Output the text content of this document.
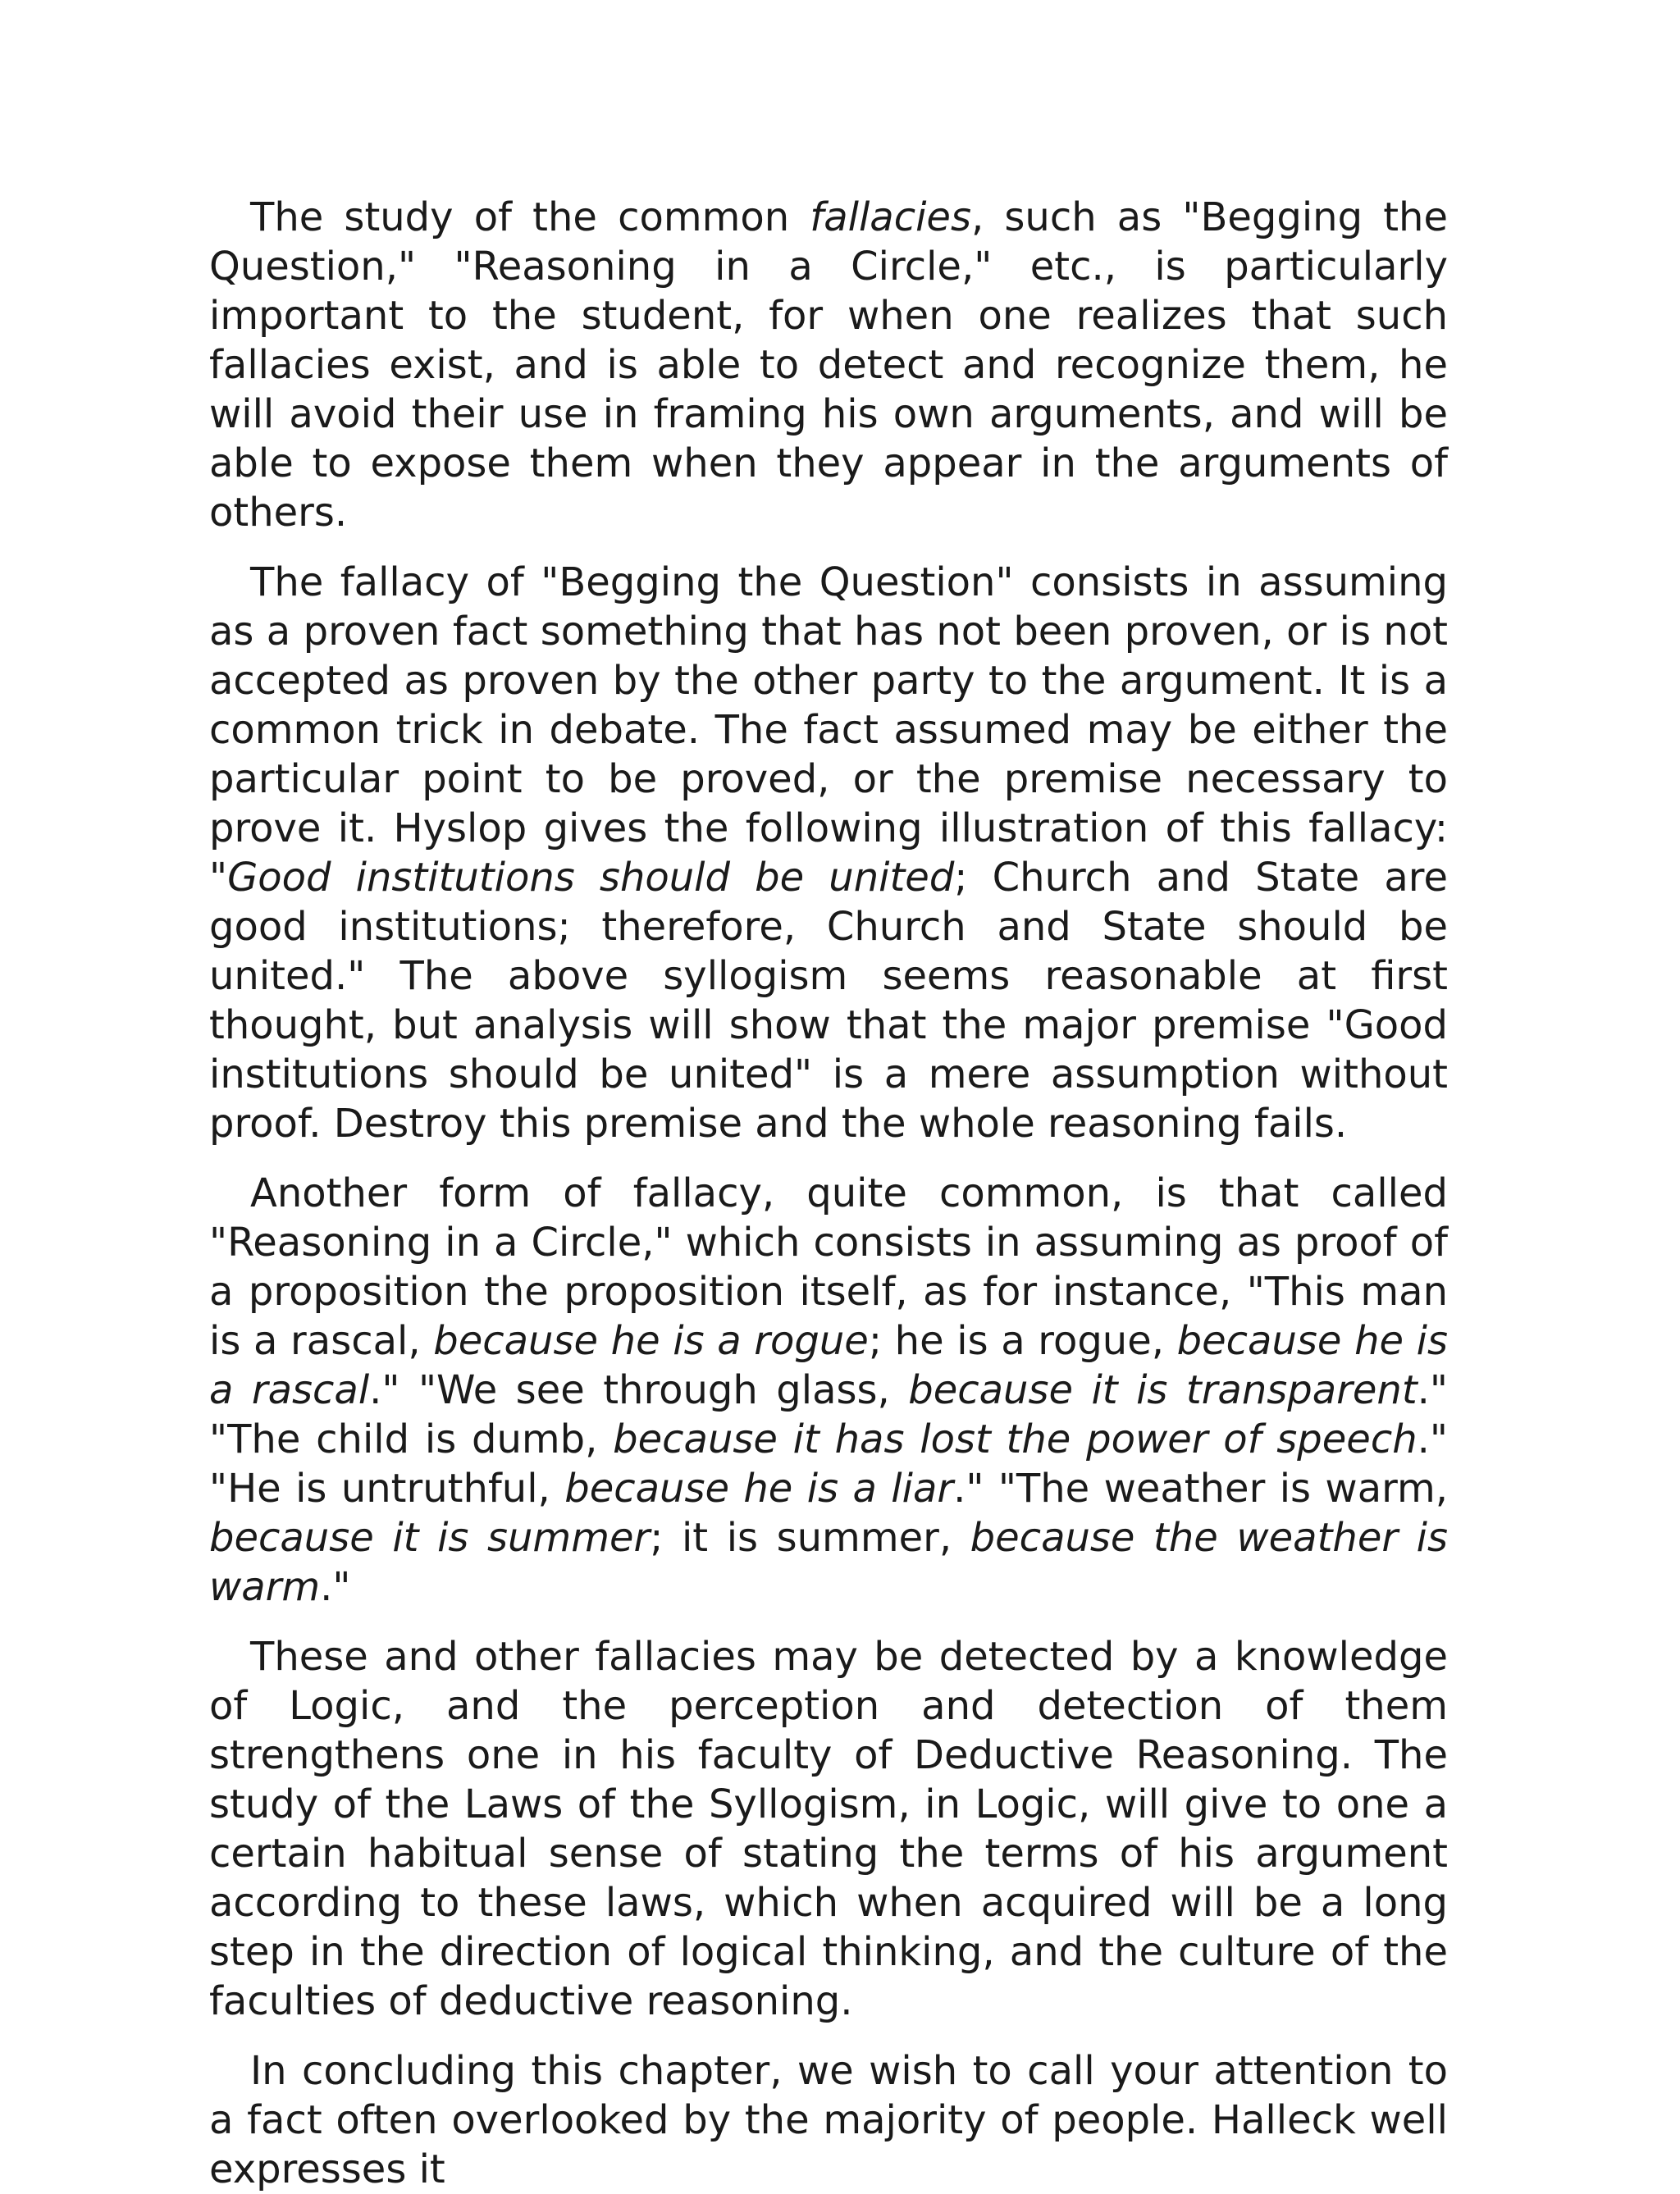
The study of the common fallacies, such as "Begging the Question," "Reasoning in a Circle," etc., is particularly important to the student, for when one realizes that such fallacies exist, and is able to detect and recognize them, he will avoid their use in framing his own arguments, and will be able to expose them when they appear in the arguments of others.

The fallacy of "Begging the Question" consists in assuming as a proven fact something that has not been proven, or is not accepted as proven by the other party to the argument. It is a common trick in debate. The fact assumed may be either the particular point to be proved, or the premise necessary to prove it. Hyslop gives the following illustration of this fallacy: "Good institutions should be united; Church and State are good institutions; therefore, Church and State should be united." The above syllogism seems reasonable at first thought, but analysis will show that the major premise "Good institutions should be united" is a mere assumption without proof. Destroy this premise and the whole reasoning fails.

Another form of fallacy, quite common, is that called "Reasoning in a Circle," which consists in assuming as proof of a proposition the proposition itself, as for instance, "This man is a rascal, because he is a rogue; he is a rogue, because he is a rascal." "We see through glass, because it is transparent." "The child is dumb, because it has lost the power of speech." "He is untruthful, because he is a liar." "The weather is warm, because it is summer; it is summer, because the weather is warm."

These and other fallacies may be detected by a knowledge of Logic, and the perception and detection of them strengthens one in his faculty of Deductive Reasoning. The study of the Laws of the Syllogism, in Logic, will give to one a certain habitual sense of stating the terms of his argument according to these laws, which when acquired will be a long step in the direction of logical thinking, and the culture of the faculties of deductive reasoning.

In concluding this chapter, we wish to call your attention to a fact often overlooked by the majority of people. Halleck well expresses it
